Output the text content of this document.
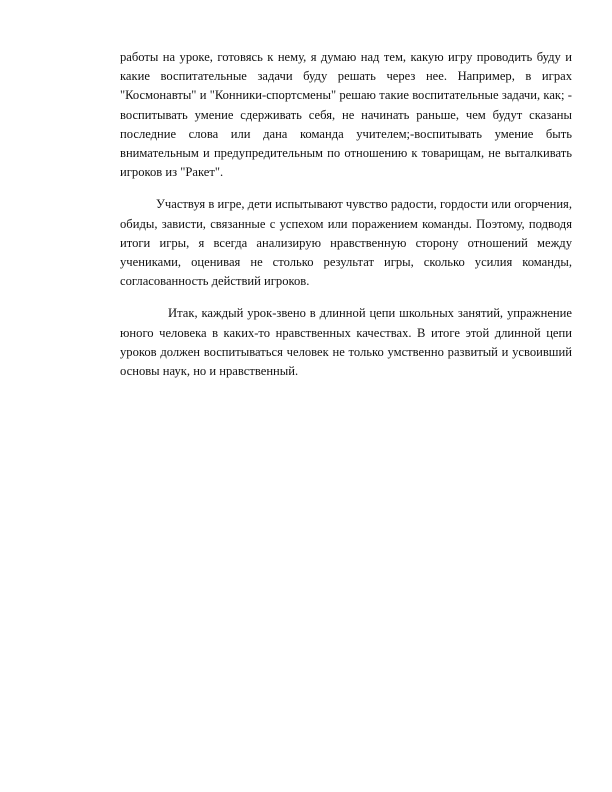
работы на уроке, готовясь к нему, я думаю над тем, какую игру проводить буду и какие воспитательные задачи буду решать через нее. Например, в играх "Космонавты" и "Конники-спортсмены" решаю такие воспитательные задачи, как; - воспитывать умение сдерживать себя, не начинать раньше, чем будут сказаны последние слова или дана команда учителем;-воспитывать умение быть внимательным и предупредительным по отношению к товарищам, не выталкивать игроков из "Ракет".

Участвуя в игре, дети испытывают чувство радости, гордости или огорчения, обиды, зависти, связанные с успехом или поражением команды. Поэтому, подводя итоги игры, я всегда анализирую нравственную сторону отношений между учениками, оценивая не столько результат игры, сколько усилия команды, согласованность действий игроков.

Итак, каждый урок-звено в длинной цепи школьных занятий, упражнение юного человека в каких-то нравственных качествах. В итоге этой длинной цепи уроков должен воспитываться человек не только умственно развитый и усвоивший основы наук, но и нравственный.
